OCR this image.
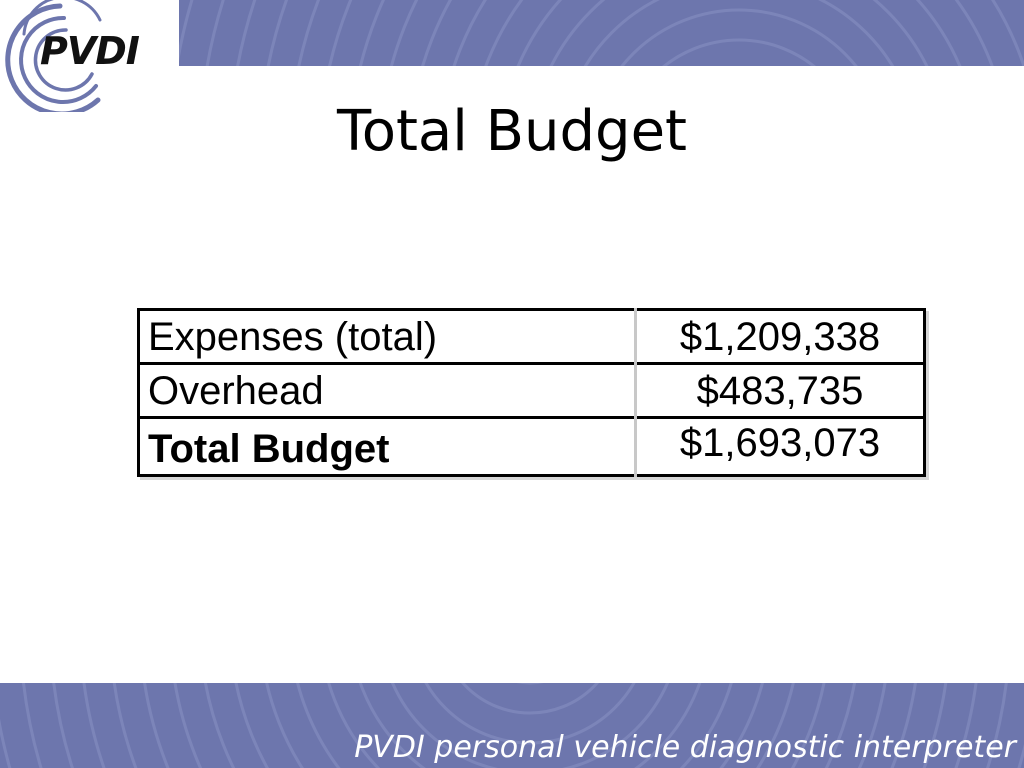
PVDI
Total Budget
Expenses (total)	$1,209,338
Overhead	$483,735
Total Budget	$1,693,073
PVDI personal vehicle diagnostic interpreter
